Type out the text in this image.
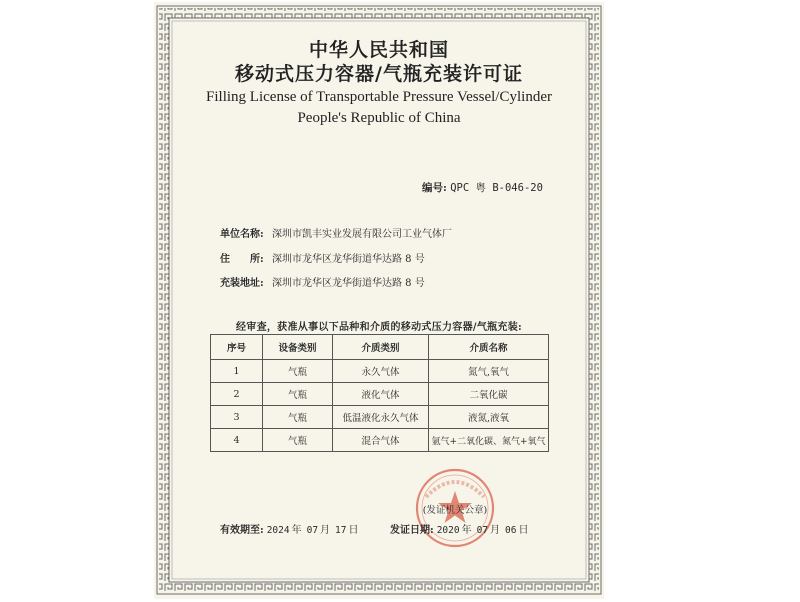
中华人民共和国
移动式压力容器/气瓶充装许可证
Filling License of Transportable Pressure Vessel/Cylinder
People's Republic of China
编号: QPC 粤 B-046-20
单位名称: 深圳市凯丰实业发展有限公司工业气体厂
住　　所: 深圳市龙华区龙华街道华达路 8 号
充装地址: 深圳市龙华区龙华街道华达路 8 号
经审查，获准从事以下品种和介质的移动式压力容器/气瓶充装:
序号	设备类别	介质类别	介质名称
1	气瓶	永久气体	氮气,氧气
2	气瓶	液化气体	二氧化碳
3	气瓶	低温液化永久气体	液氮,液氧
4	气瓶	混合气体	氩气+二氧化碳、氮气+氧气
(发证机关公章)
有效期至: 2024 年 07 月 17 日	发证日期: 2020 年 07 月 06 日
